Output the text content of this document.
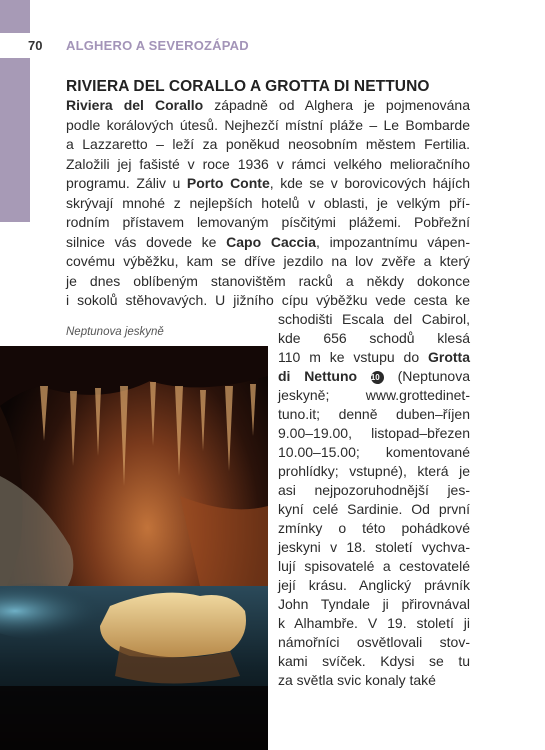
70 ALGHERO A SEVEROZÁPAD
RIVIERA DEL CORALLO A GROTTA DI NETTUNO
Riviera del Corallo západně od Alghera je pojmenována
podle korálových útesů. Nejhezčí místní pláže – Le Bombarde
a Lazzaretto – leží za poněkud neosobním městem Fertilia.
Založili jej fašisté v roce 1936 v rámci velkého melioračního
programu. Záliv u Porto Conte, kde se v borovicových hájích
skrývají mnohé z nejlepších hotelů v oblasti, je velkým pří-
rodním přístavem lemovaným písčitými plážemi. Pobřežní
silnice vás dovede ke Capo Caccia, impozantnímu vápen-
covému výběžku, kam se dříve jezdilo na lov zvěře a který
je dnes oblíbeným stanovištěm racků a někdy dokonce
i sokolů stěhovavých. U jižního cípu výběžku vede cesta ke
schodišti Escala del Cabirol,
kde 656 schodů klesá
110 m ke vstupu do Grotta
di Nettuno 10 (Neptunova
jeskyně; www.grottedinet-
tuno.it; denně duben–říjen
9.00–19.00, listopad–březen
10.00–15.00; komentované
prohlídky; vstupné), která je
asi nejpozoruhodnější jes-
kyní celé Sardinie. Od první
zmínky o této pohádkové
jeskyni v 18. století vychva-
lují spisovatelé a cestovatelé
její krásu. Anglický právník
John Tyndale ji přirovnával
k Alhambře. V 19. století ji
námořníci osvětlovali stov-
kami svíček. Kdysi se tu
za světla svic konaly také
Neptunova jeskyně
